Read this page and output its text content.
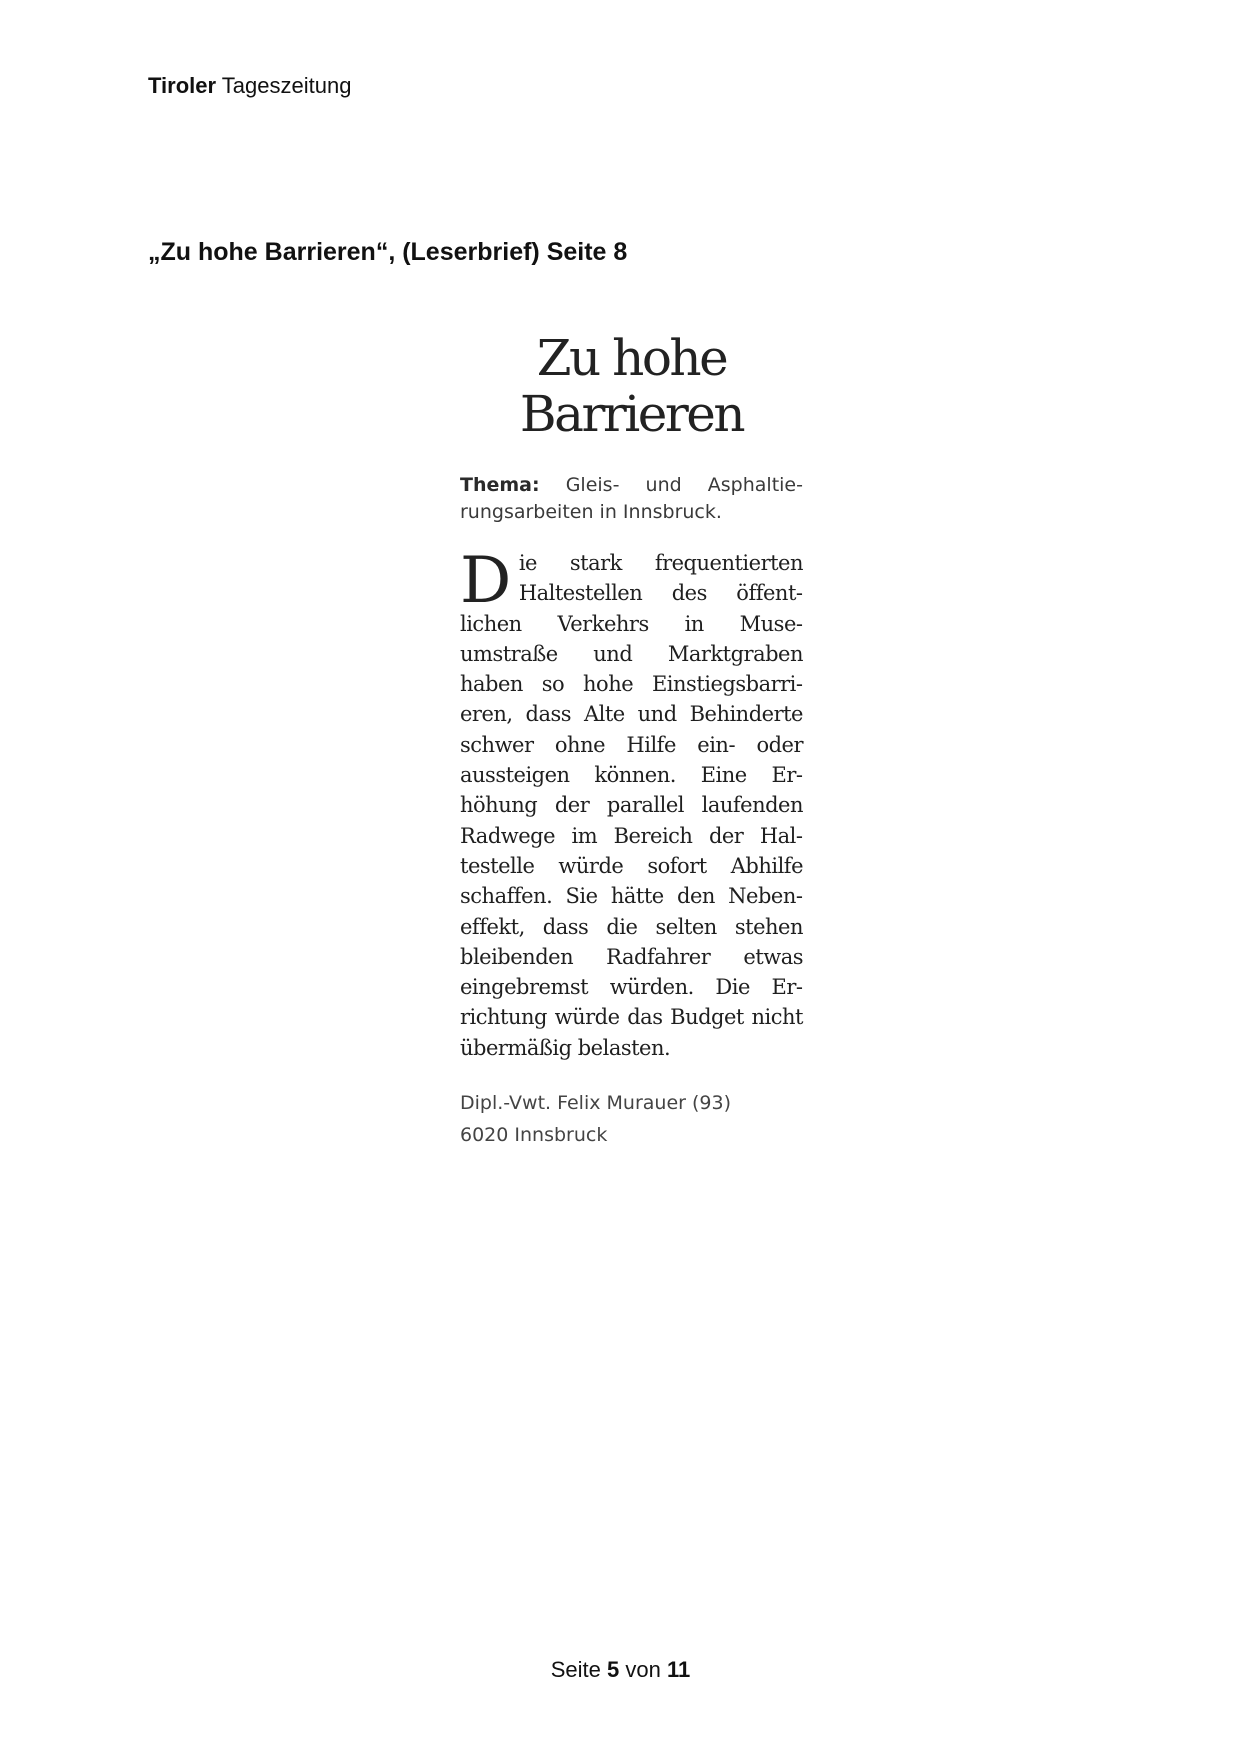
Tiroler Tageszeitung
„Zu hohe Barrieren“, (Leserbrief) Seite 8
Zu hohe
Barrieren
Thema: Gleis- und Asphaltierungsarbeiten in Innsbruck.
Die stark frequentierten Haltestellen des öffentlichen Verkehrs in Museumstraße und Marktgraben haben so hohe Einstiegsbarrieren, dass Alte und Behinderte schwer ohne Hilfe ein- oder aussteigen können. Eine Erhöhung der parallel laufenden Radwege im Bereich der Haltestelle würde sofort Abhilfe schaffen. Sie hätte den Nebeneffekt, dass die selten stehen bleibenden Radfahrer etwas eingebremst würden. Die Errichtung würde das Budget nicht übermäßig belasten.
Dipl.-Vwt. Felix Murauer (93)
6020 Innsbruck
Seite 5 von 11
